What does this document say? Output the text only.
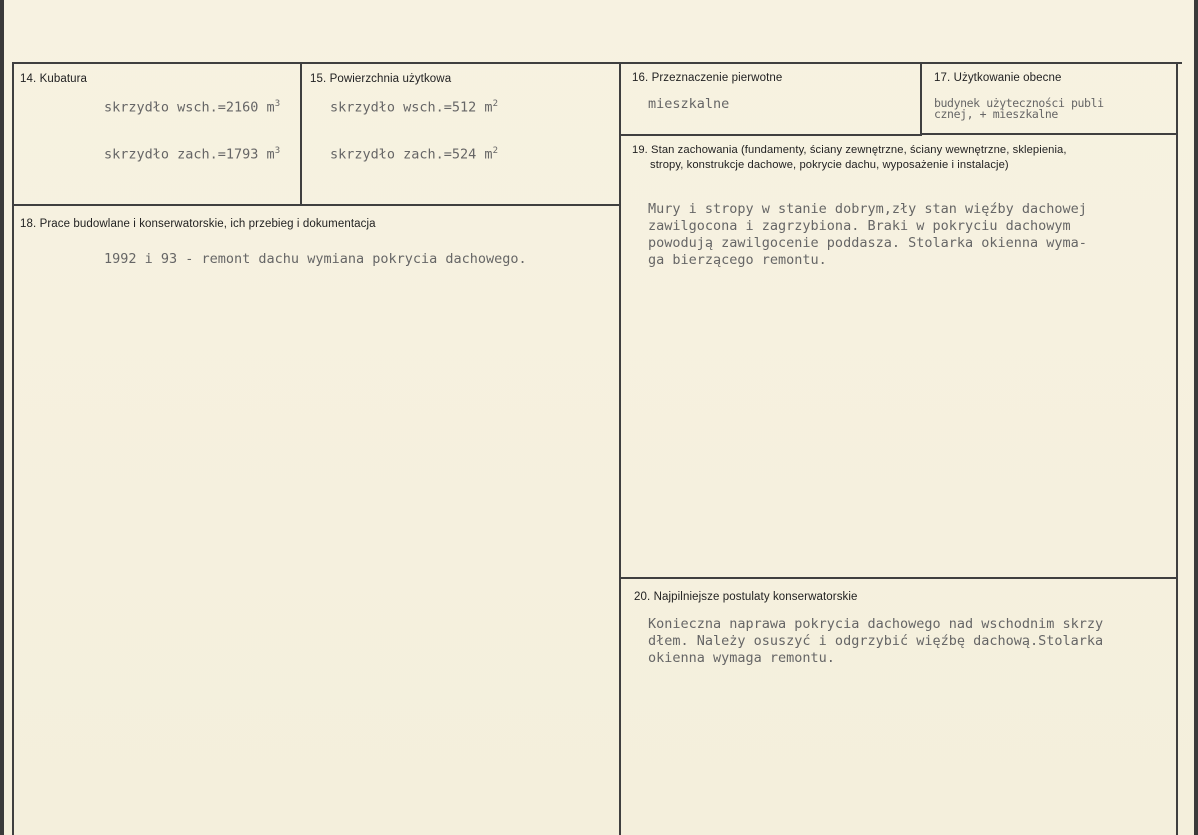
14. Kubatura
skrzydło wsch.=2160 $m^3$
skrzydło zach.=1793 $m^3$
15. Powierzchnia użytkowa
skrzydło wsch.=512 $m^2$
skrzydło zach.=524 $m^2$
16. Przeznaczenie pierwotne
mieszkalne
17. Użytkowanie obecne
budynek użyteczności publi
cznej, + mieszkalne
18. Prace budowlane i konserwatorskie, ich przebieg i dokumentacja
1992 i 93 - remont dachu wymiana pokrycia dachowego.
19. Stan zachowania (fundamenty, ściany zewnętrzne, ściany wewnętrzne, sklepienia,
stropy, konstrukcje dachowe, pokrycie dachu, wyposażenie i instalacje)
Mury i stropy w stanie dobrym,zły stan więźby dachowej
zawilgocona i zagrzybiona. Braki w pokryciu dachowym
powodują zawilgocenie poddasza. Stolarka okienna wyma-
ga bierzącego remontu.
20. Najpilniejsze postulaty konserwatorskie
Konieczna naprawa pokrycia dachowego nad wschodnim skrzy
dłem. Należy osuszyć i odgrzybić więźbę dachową.Stolarka
okienna wymaga remontu.
